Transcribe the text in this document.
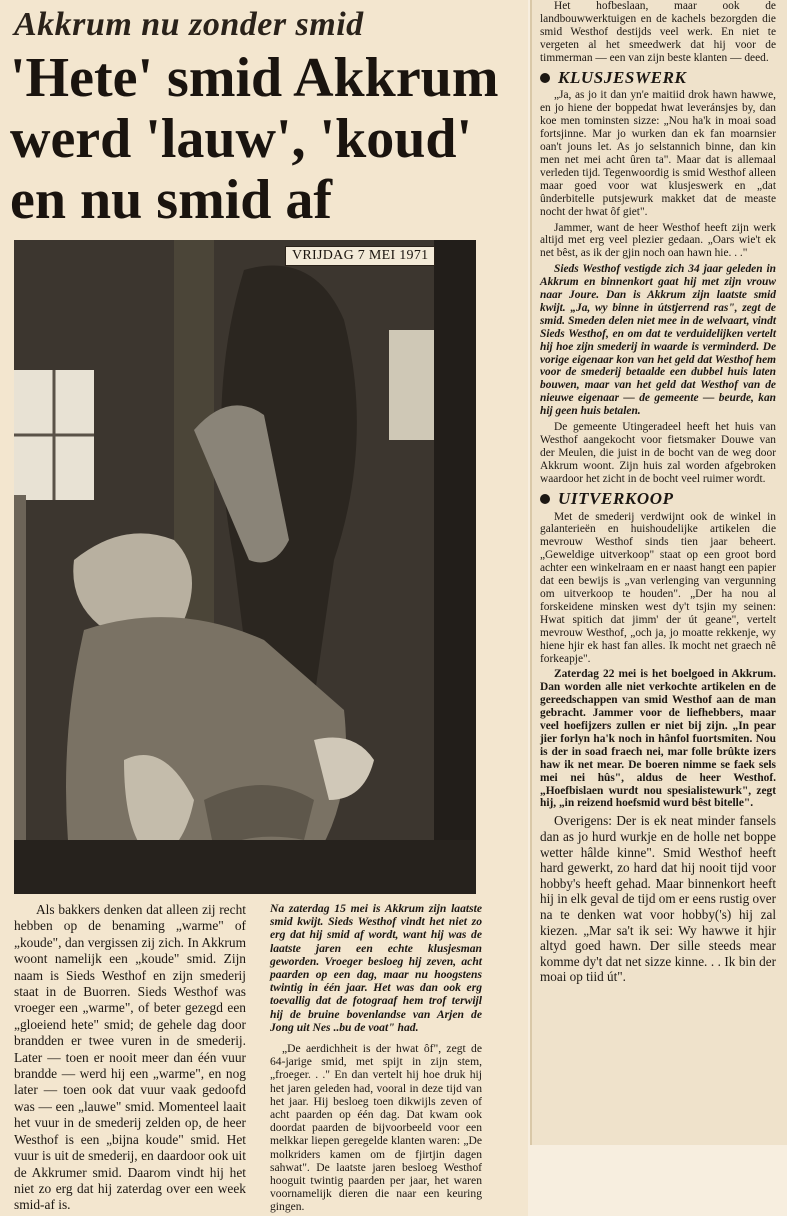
Akkrum nu zonder smid
'Hete' smid Akkrum
werd 'lauw', 'koud'
en nu smid af
VRIJDAG 7 MEI 1971

Als bakkers denken dat alleen zij recht hebben op de benaming „warme" of „koude", dan vergissen zij zich. In Akkrum woont namelijk een „koude" smid. Zijn naam is Sieds Westhof en zijn smederij staat in de Buorren. Sieds Westhof was vroeger een „warme", of beter gezegd een „gloeiend hete" smid; de gehele dag door brandden er twee vuren in de smederij. Later — toen er nooit meer dan één vuur brandde — werd hij een „warme", en nog later — toen ook dat vuur vaak gedoofd was — een „lauwe" smid. Momenteel laait het vuur in de smederij zelden op, de heer Westhof is een „bijna koude" smid. Het vuur is uit de smederij, en daardoor ook uit de Akkrumer smid. Daarom vindt hij het niet zo erg dat hij zaterdag over een week smid-af is.

Na zaterdag 15 mei is Akkrum zijn laatste smid kwijt. Sieds Westhof vindt het niet zo erg dat hij smid af wordt, want hij was de laatste jaren een echte klusjesman geworden. Vroeger besloeg hij zeven, acht paarden op een dag, maar nu hoogstens twintig in één jaar. Het was dan ook erg toevallig dat de fotograaf hem trof terwijl hij de bruine bovenlandse van Arjen de Jong uit Nes ..bu de voat" had.

„De aerdichheit is der hwat ôf", zegt de 64-jarige smid, met spijt in zijn stem, „froeger. . ." En dan vertelt hij hoe druk hij het jaren geleden had, vooral in deze tijd van het jaar. Hij besloeg toen dikwijls zeven of acht paarden op één dag. Dat kwam ook doordat paarden de bijvoorbeeld voor een melkkar liepen geregelde klanten waren: „De molkriders kamen om de fjirtjin dagen sahwat". De laatste jaren besloeg Westhof hooguit twintig paarden per jaar, het waren voornamelijk dieren die naar een keuring gingen.

Het hofbeslaan, maar ook de landbouwwerktuigen en de kachels bezorgden die smid Westhof destijds veel werk. En niet te vergeten al het smeedwerk dat hij voor de timmerman — een van zijn beste klanten — deed.

KLUSJESWERK

„Ja, as jo it dan yn'e maitiid drok hawn hawwe, en jo hiene der boppedat hwat leveránsjes by, dan koe men tominsten sizze: „Nou ha'k in moai soad fortsjinne. Mar jo wurken dan ek fan moarnsier oan't jouns let. As jo selstannich binne, dan kin men net mei acht ûren ta". Maar dat is allemaal verleden tijd. Tegenwoordig is smid Westhof alleen maar goed voor wat klusjeswerk en „dat ûnderbitelle putsjewurk makket dat de measte nocht der hwat ôf giet".

Jammer, want de heer Westhof heeft zijn werk altijd met erg veel plezier gedaan. „Oars wie't ek net bêst, as ik der gjin noch oan hawn hie. . ."

Sieds Westhof vestigde zich 34 jaar geleden in Akkrum en binnenkort gaat hij met zijn vrouw naar Joure. Dan is Akkrum zijn laatste smid kwijt. „Ja, wy binne in útstjerrend ras", zegt de smid. Smeden delen niet mee in de welvaart, vindt Sieds Westhof, en om dat te verduidelijken vertelt hij hoe zijn smederij in waarde is verminderd. De vorige eigenaar kon van het geld dat Westhof hem voor de smederij betaalde een dubbel huis laten bouwen, maar van het geld dat Westhof van de nieuwe eigenaar — de gemeente — beurde, kan hij geen huis betalen.

De gemeente Utingeradeel heeft het huis van Westhof aangekocht voor fietsmaker Douwe van der Meulen, die juist in de bocht van de weg door Akkrum woont. Zijn huis zal worden afgebroken waardoor het zicht in de bocht veel ruimer wordt.

UITVERKOOP

Met de smederij verdwijnt ook de winkel in galanterieën en huishoudelijke artikelen die mevrouw Westhof sinds tien jaar beheert. „Geweldige uitverkoop" staat op een groot bord achter een winkelraam en er naast hangt een papier dat een bewijs is „van verlenging van vergunning om uitverkoop te houden". „Der ha nou al forskeidene minsken west dy't tsjin my seinen: Hwat spitich dat jimm' der út geane", vertelt mevrouw Westhof, „och ja, jo moatte rekkenje, wy hiene hjir ek hast fan alles. Ik mocht net graech nê forkeapje".

Zaterdag 22 mei is het boelgoed in Akkrum. Dan worden alle niet verkochte artikelen en de gereedschappen van smid Westhof aan de man gebracht. Jammer voor de liefhebbers, maar veel hoefijzers zullen er niet bij zijn. „In pear jier forlyn ha'k noch in hânfol fuortsmiten. Nou is der in soad fraech nei, mar folle brûkte izers haw ik net mear. De boeren nimme se faek sels mei nei hûs", aldus de heer Westhof. „Hoefbislaen wurdt nou spesialistewurk", zegt hij, „in reizend hoefsmid wurd bêst bitelle".

Overigens: Der is ek neat minder fansels dan as jo hurd wurkje en de holle net boppe wetter hâlde kinne". Smid Westhof heeft hard gewerkt, zo hard dat hij nooit tijd voor hobby's heeft gehad. Maar binnenkort heeft hij in elk geval de tijd om er eens rustig over na te denken wat voor hobby('s) hij zal kiezen. „Mar sa't ik sei: Wy hawwe it hjir altyd goed hawn. Der sille steeds mear komme dy't dat net sizze kinne. . . Ik bin der moai op tiid út".
